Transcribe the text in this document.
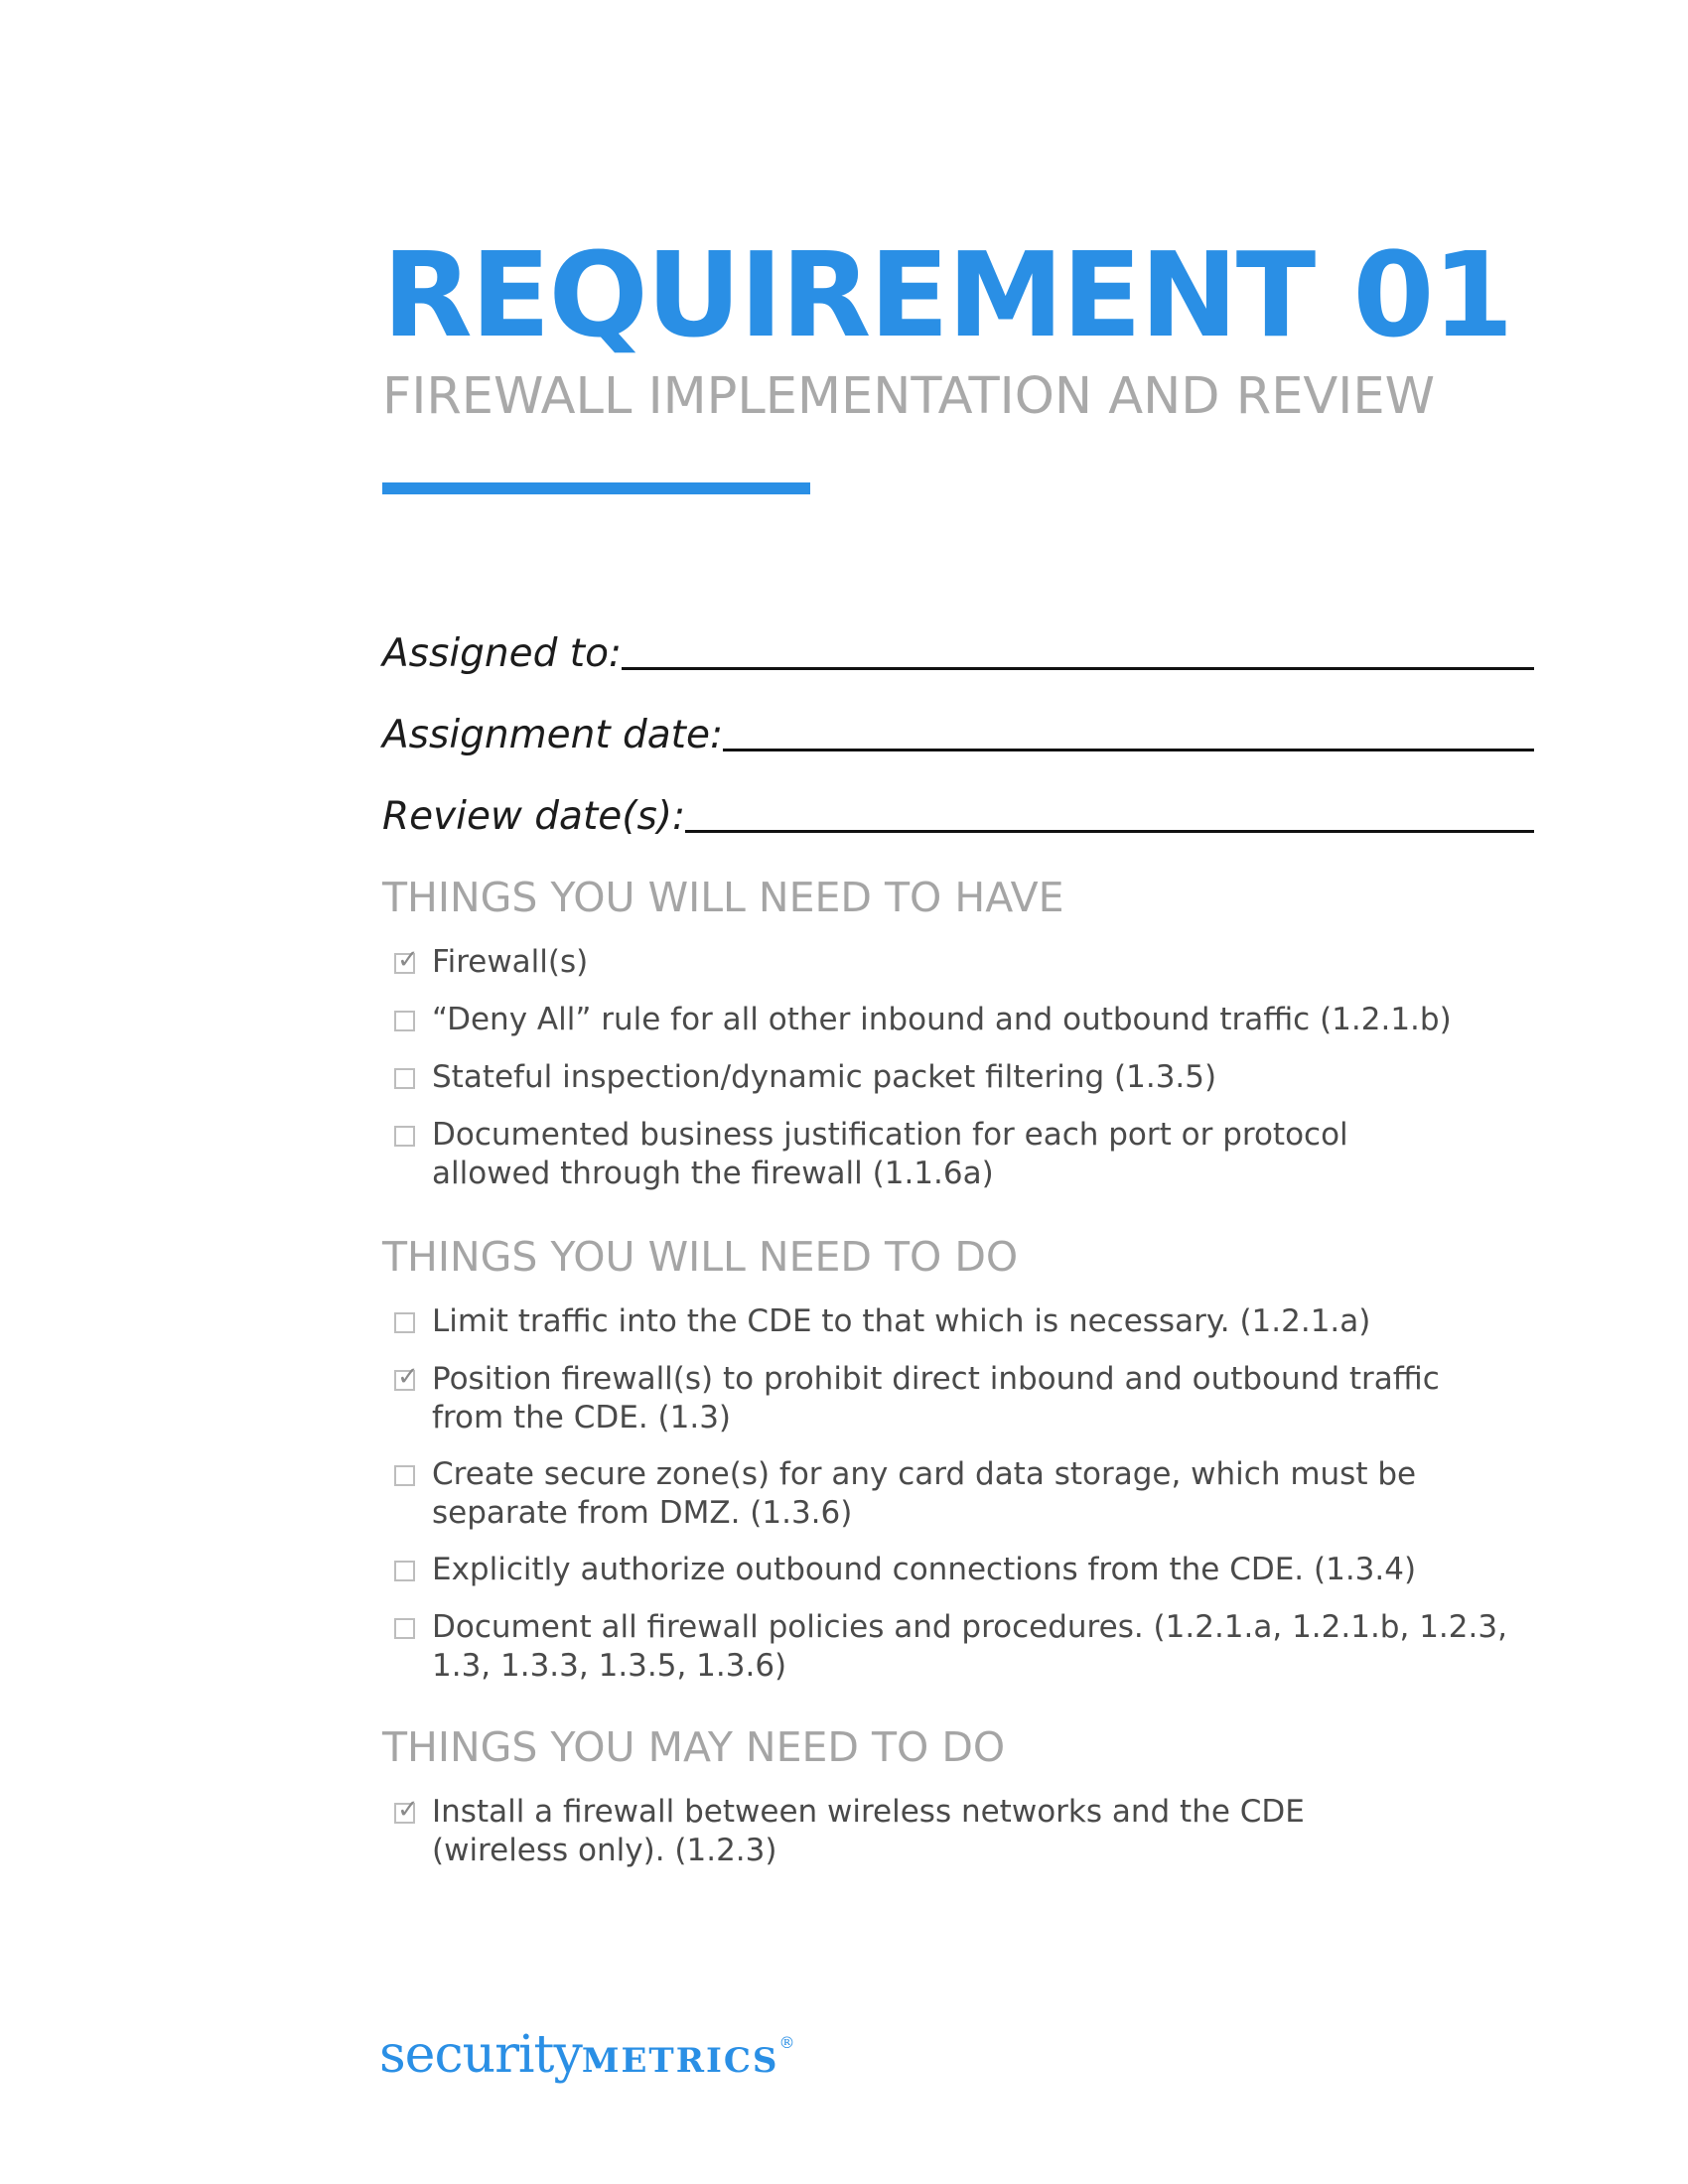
REQUIREMENT 01
FIREWALL IMPLEMENTATION AND REVIEW
Assigned to:
Assignment date:
Review date(s):
THINGS YOU WILL NEED TO HAVE
✓ Firewall(s)

“Deny All” rule for all other inbound and outbound traffic (1.2.1.b)

Stateful inspection/dynamic packet filtering (1.3.5)

Documented business justification for each port or protocol allowed through the firewall (1.1.6a)

THINGS YOU WILL NEED TO DO

Limit traffic into the CDE to that which is necessary. (1.2.1.a)

✓ Position firewall(s) to prohibit direct inbound and outbound traffic from the CDE. (1.3)

Create secure zone(s) for any card data storage, which must be separate from DMZ. (1.3.6)

Explicitly authorize outbound connections from the CDE. (1.3.4)

Document all firewall policies and procedures. (1.2.1.a, 1.2.1.b, 1.2.3, 1.3, 1.3.3, 1.3.5, 1.3.6)

THINGS YOU MAY NEED TO DO
✓ Install a firewall between wireless networks and the CDE (wireless only). (1.2.3)

securityMETRICS®
